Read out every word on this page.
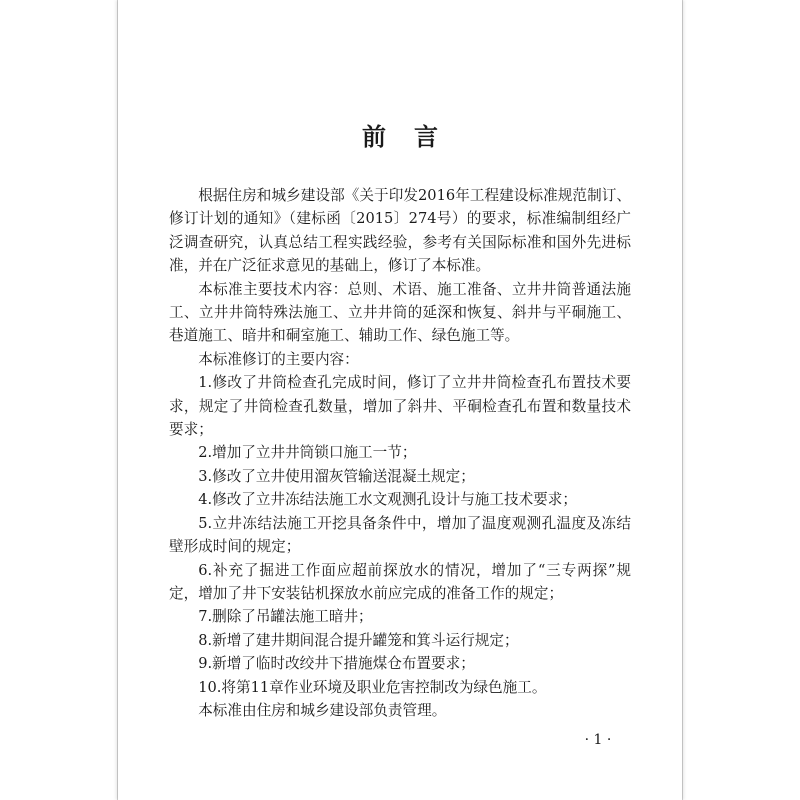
前言

根据住房和城乡建设部《关于印发2016年工程建设标准规范制订、修订计划的通知》（建标函〔2015〕274号）的要求，标准编制组经广泛调查研究，认真总结工程实践经验，参考有关国际标准和国外先进标准，并在广泛征求意见的基础上，修订了本标准。

本标准主要技术内容：总则、术语、施工准备、立井井筒普通法施工、立井井筒特殊法施工、立井井筒的延深和恢复、斜井与平硐施工、巷道施工、暗井和硐室施工、辅助工作、绿色施工等。

本标准修订的主要内容：

1.修改了井筒检查孔完成时间，修订了立井井筒检查孔布置技术要求，规定了井筒检查孔数量，增加了斜井、平硐检查孔布置和数量技术要求；

2.增加了立井井筒锁口施工一节；

3.修改了立井使用溜灰管输送混凝土规定；

4.修改了立井冻结法施工水文观测孔设计与施工技术要求；

5.立井冻结法施工开挖具备条件中，增加了温度观测孔温度及冻结壁形成时间的规定；

6.补充了掘进工作面应超前探放水的情况，增加了“三专两探”规定，增加了井下安装钻机探放水前应完成的准备工作的规定；

7.删除了吊罐法施工暗井；

8.新增了建井期间混合提升罐笼和箕斗运行规定；

9.新增了临时改绞井下措施煤仓布置要求；

10.将第11章作业环境及职业危害控制改为绿色施工。

本标准由住房和城乡建设部负责管理。

· 1 ·
